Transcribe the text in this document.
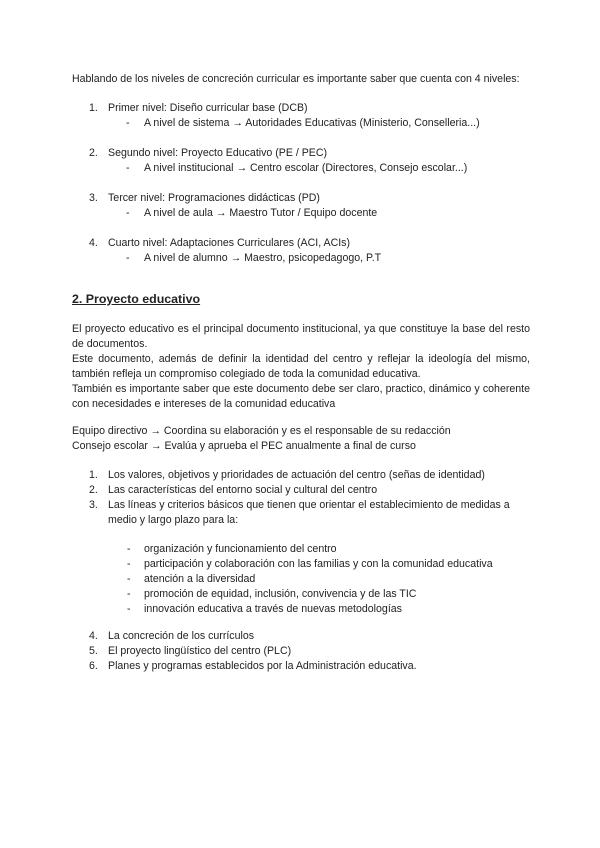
Hablando de los niveles de concreción curricular es importante saber que cuenta con 4 niveles:
1. Primer nivel: Diseño curricular base (DCB)
- A nivel de sistema → Autoridades Educativas (Ministerio, Conselleria...)
2. Segundo nivel: Proyecto Educativo (PE / PEC)
- A nivel institucional → Centro escolar (Directores, Consejo escolar...)
3. Tercer nivel: Programaciones didácticas (PD)
- A nivel de aula → Maestro Tutor / Equipo docente
4. Cuarto nivel: Adaptaciones Curriculares (ACI, ACIs)
- A nivel de alumno → Maestro, psicopedagogo, P.T
2. Proyecto educativo
El proyecto educativo es el principal documento institucional, ya que constituye la base del resto de documentos.
Este documento, además de definir la identidad del centro y reflejar la ideología del mismo, también refleja un compromiso colegiado de toda la comunidad educativa.
También es importante saber que este documento debe ser claro, practico, dinámico y coherente con necesidades e intereses de la comunidad educativa
Equipo directivo → Coordina su elaboración y es el responsable de su redacción
Consejo escolar → Evalúa y aprueba el PEC anualmente a final de curso
1. Los valores, objetivos y prioridades de actuación del centro (señas de identidad)
2. Las características del entorno social y cultural del centro
3. Las líneas y criterios básicos que tienen que orientar el establecimiento de medidas a medio y largo plazo para la:
- organización y funcionamiento del centro
- participación y colaboración con las familias y con la comunidad educativa
- atención a la diversidad
- promoción de equidad, inclusión, convivencia y de las TIC
- innovación educativa a través de nuevas metodologías
4. La concreción de los currículos
5. El proyecto lingüístico del centro (PLC)
6. Planes y programas establecidos por la Administración educativa.
